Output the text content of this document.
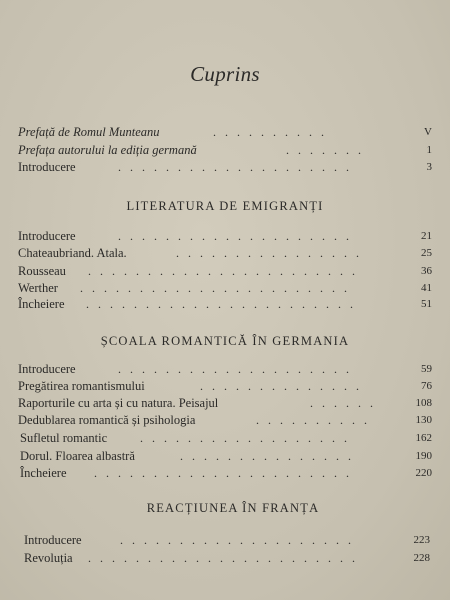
Cuprins
Prefață de Romul Munteanu	. . . . . . . . . .	V
Prefața autorului la ediția germană	. . . . . . .	1
Introducere	. . . . . . . . . . . . . . . . . . . .	3
LITERATURA DE EMIGRANȚI
Introducere	. . . . . . . . . . . . . . . . . . . .	21
Chateaubriand. Atala.	. . . . . . . . . . . . . . . .	25
Rousseau . . . . . . . . . . . . . . . . . . . . . . .	36
Werther . . . . . . . . . . . . . . . . . . . . . . .	41
Încheiere . . . . . . . . . . . . . . . . . . . . . . .	51
ȘCOALA ROMANTICĂ ÎN GERMANIA
Introducere	. . . . . . . . . . . . . . . . . . . .	59
Pregătirea romantismului	. . . . . . . . . . . . . .	76
Raporturile cu arta și cu natura. Peisajul	. . . . . .	108
Dedublarea romantică și psihologia	. . . . . . . . . .	130
Sufletul romantic	. . . . . . . . . . . . . . . . . .	162
Dorul. Floarea albastră	. . . . . . . . . . . . . . .	190
Încheiere . . . . . . . . . . . . . . . . . . . . . .	220
REACȚIUNEA ÎN FRANȚA
Introducere	. . . . . . . . . . . . . . . . . . . .	223
Revoluția . . . . . . . . . . . . . . . . . . . . . . .	228
